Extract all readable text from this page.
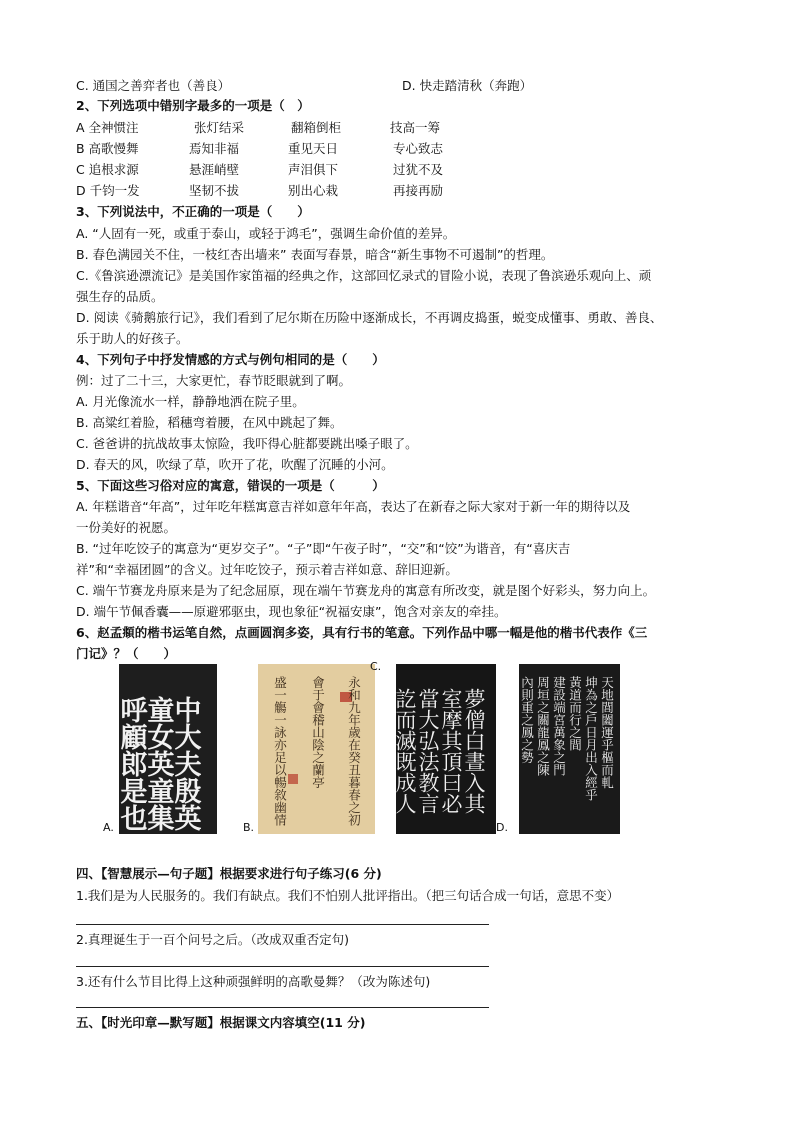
C. 通国之善弈者也（善良）	D. 快走踏清秋（奔跑）
2、下列选项中错别字最多的一项是（　）
A 全神惯注	张灯结采	翻箱倒柜	技高一筹
B 高歌慢舞	焉知非福	重见天日	专心致志
C 追根求源	悬涯峭壁	声泪俱下	过犹不及
D 千钧一发	坚韧不拔	别出心栽	再接再励
3、下列说法中，不正确的一项是（　　）
A. “人固有一死，或重于泰山，或轻于鸿毛”，强调生命价值的差异。
B. 春色满园关不住，一枝红杏出墙来” 表面写春景，暗含“新生事物不可遏制”的哲理。
C.《鲁滨逊漂流记》是美国作家笛福的经典之作，这部回忆录式的冒险小说，表现了鲁滨逊乐观向上、顽
强生存的品质。
D. 阅读《骑鹅旅行记》，我们看到了尼尔斯在历险中逐渐成长，不再调皮捣蛋，蜕变成懂事、勇敢、善良、
乐于助人的好孩子。
4、下列句子中抒发情感的方式与例句相同的是（　　）
例：过了二十三，大家更忙，春节眨眼就到了啊。
A. 月光像流水一样，静静地洒在院子里。
B. 高粱红着脸，稻穗弯着腰，在风中跳起了舞。
C. 爸爸讲的抗战故事太惊险，我吓得心脏都要跳出嗓子眼了。
D. 春天的风，吹绿了草，吹开了花，吹醒了沉睡的小河。
5、下面这些习俗对应的寓意，错误的一项是（　　　）
A. 年糕谐音“年高”，过年吃年糕寓意吉祥如意年年高，表达了在新春之际大家对于新一年的期待以及
一份美好的祝愿。
B. “过年吃饺子的寓意为“更岁交子”。“子”即“午夜子时”，“交”和“饺”为谐音，有“喜庆吉
祥”和“幸福团圆”的含义。过年吃饺子，预示着吉祥如意、辞旧迎新。
C. 端午节赛龙舟原来是为了纪念屈原，现在端午节赛龙舟的寓意有所改变，就是图个好彩头，努力向上。
D. 端午节佩香囊——原避邪驱虫，现也象征“祝福安康”，饱含对亲友的牵挂。
6、赵孟頫的楷书运笔自然，点画圆润多姿，具有行书的笔意。下列作品中哪一幅是他的楷书代表作《三
门记》？（　　）
中大夫殷英
童女英童集
呼顧郎是也
A.
永和九年歲在癸丑暮春之初
會于會稽山陰之蘭亭
盛一觴一詠亦足以暢敘幽情
B.
C.
夢僧白晝入其
室摩其頂曰必
當大弘法教言
訖而滅既成人
D.
天地閭闔運乎樞而軋
坤為之戶日月出入經乎
黃道而行之間
建設端宮萬象之門
周垣之關龍鳳之陳
內則重之鳳之勢
四、【智慧展示—句子题】根据要求进行句子练习(6 分)
1.我们是为人民服务的。我们有缺点。我们不怕别人批评指出。（把三句话合成一句话，意思不变）
2.真理诞生于一百个问号之后。（改成双重否定句)
3.还有什么节目比得上这种顽强鲜明的高歌曼舞？（改为陈述句)
五、【时光印章—默写题】根据课文内容填空(11 分)
